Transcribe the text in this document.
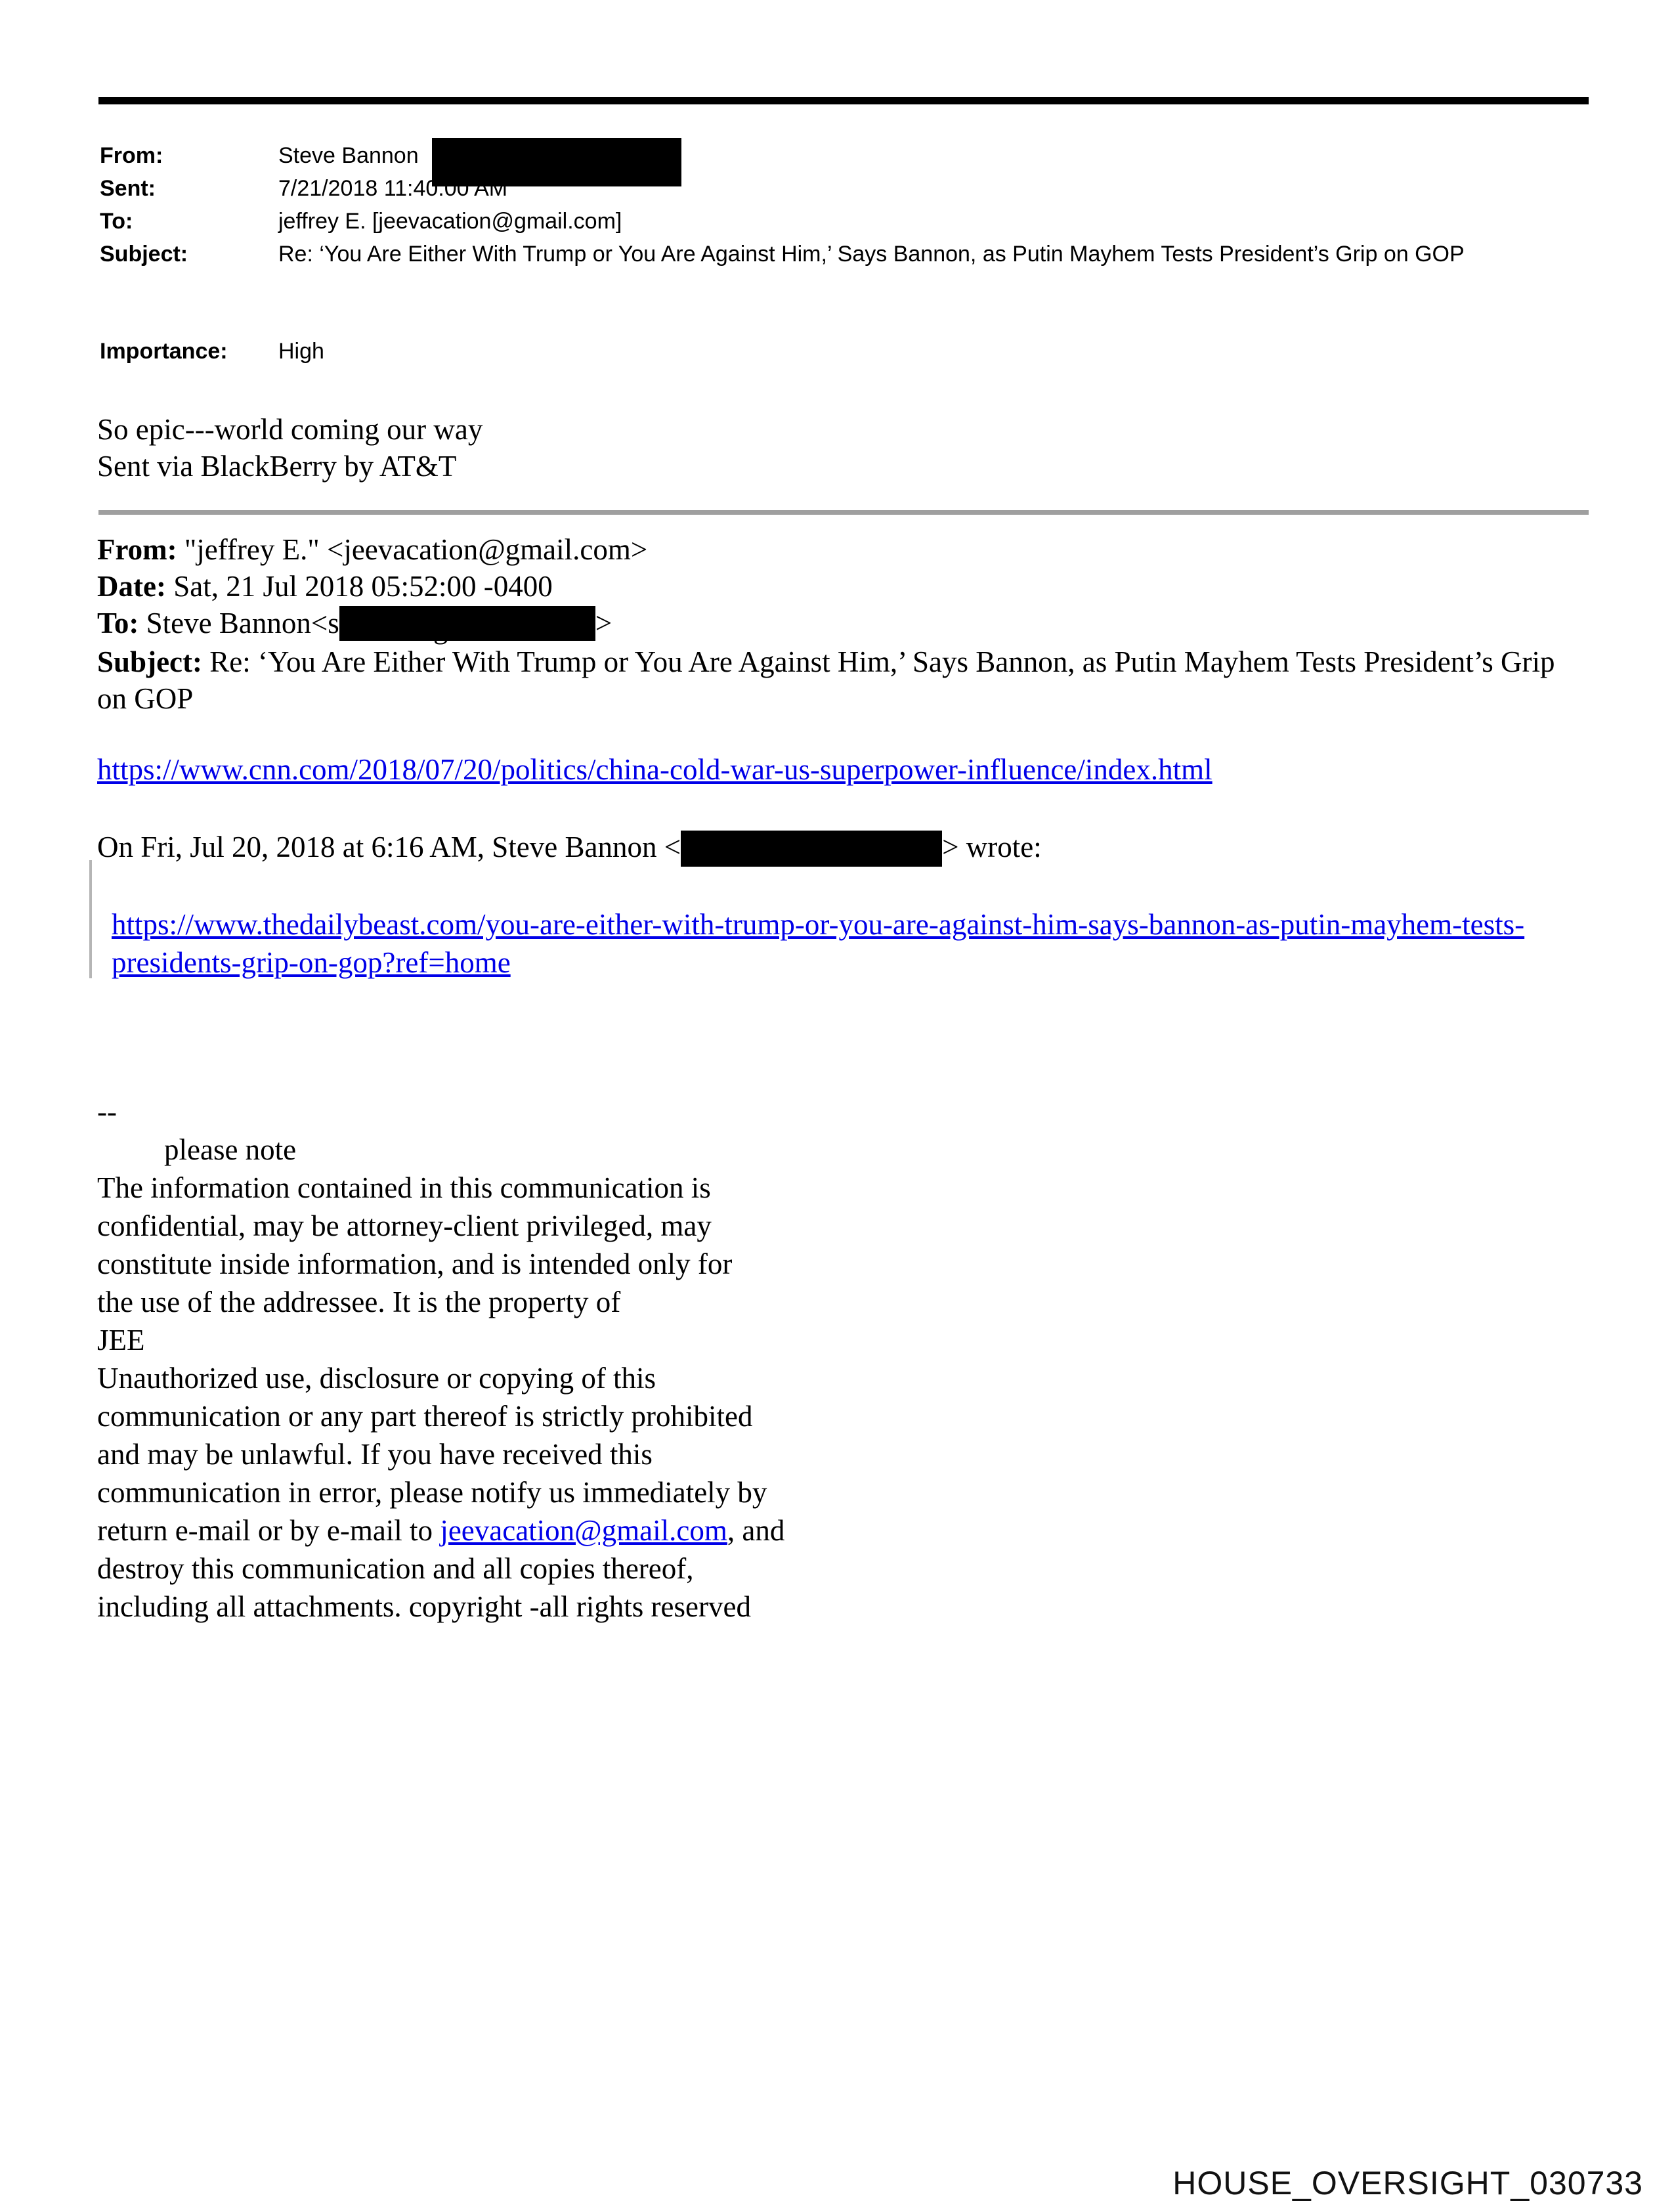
From:	Steve Bannon
Sent:	7/21/2018 11:40:00 AM
To:	jeffrey E. [jeevacation@gmail.com]
Subject:	Re: ‘You Are Either With Trump or You Are Against Him,’ Says Bannon, as Putin Mayhem Tests President’s Grip on GOP
Importance: High
So epic---world coming our way
Sent via BlackBerry by AT&T
From: "jeffrey E." <jeevacation@gmail.com>
Date: Sat, 21 Jul 2018 05:52:00 -0400
To: Steve Bannon<s	>
Subject: Re: ‘You Are Either With Trump or You Are Against Him,’ Says Bannon, as Putin Mayhem Tests President’s Grip on GOP
https://www.cnn.com/2018/07/20/politics/china-cold-war-us-superpower-influence/index.html
On Fri, Jul 20, 2018 at 6:16 AM, Steve Bannon <	> wrote:
https://www.thedailybeast.com/you-are-either-with-trump-or-you-are-against-him-says-bannon-as-putin-mayhem-tests-presidents-grip-on-gop?ref=home
--
please note
The information contained in this communication is
confidential, may be attorney-client privileged, may
constitute inside information, and is intended only for
the use of the addressee. It is the property of
JEE
Unauthorized use, disclosure or copying of this
communication or any part thereof is strictly prohibited
and may be unlawful. If you have received this
communication in error, please notify us immediately by
return e-mail or by e-mail to jeevacation@gmail.com, and
destroy this communication and all copies thereof,
including all attachments. copyright -all rights reserved
HOUSE_OVERSIGHT_030733
